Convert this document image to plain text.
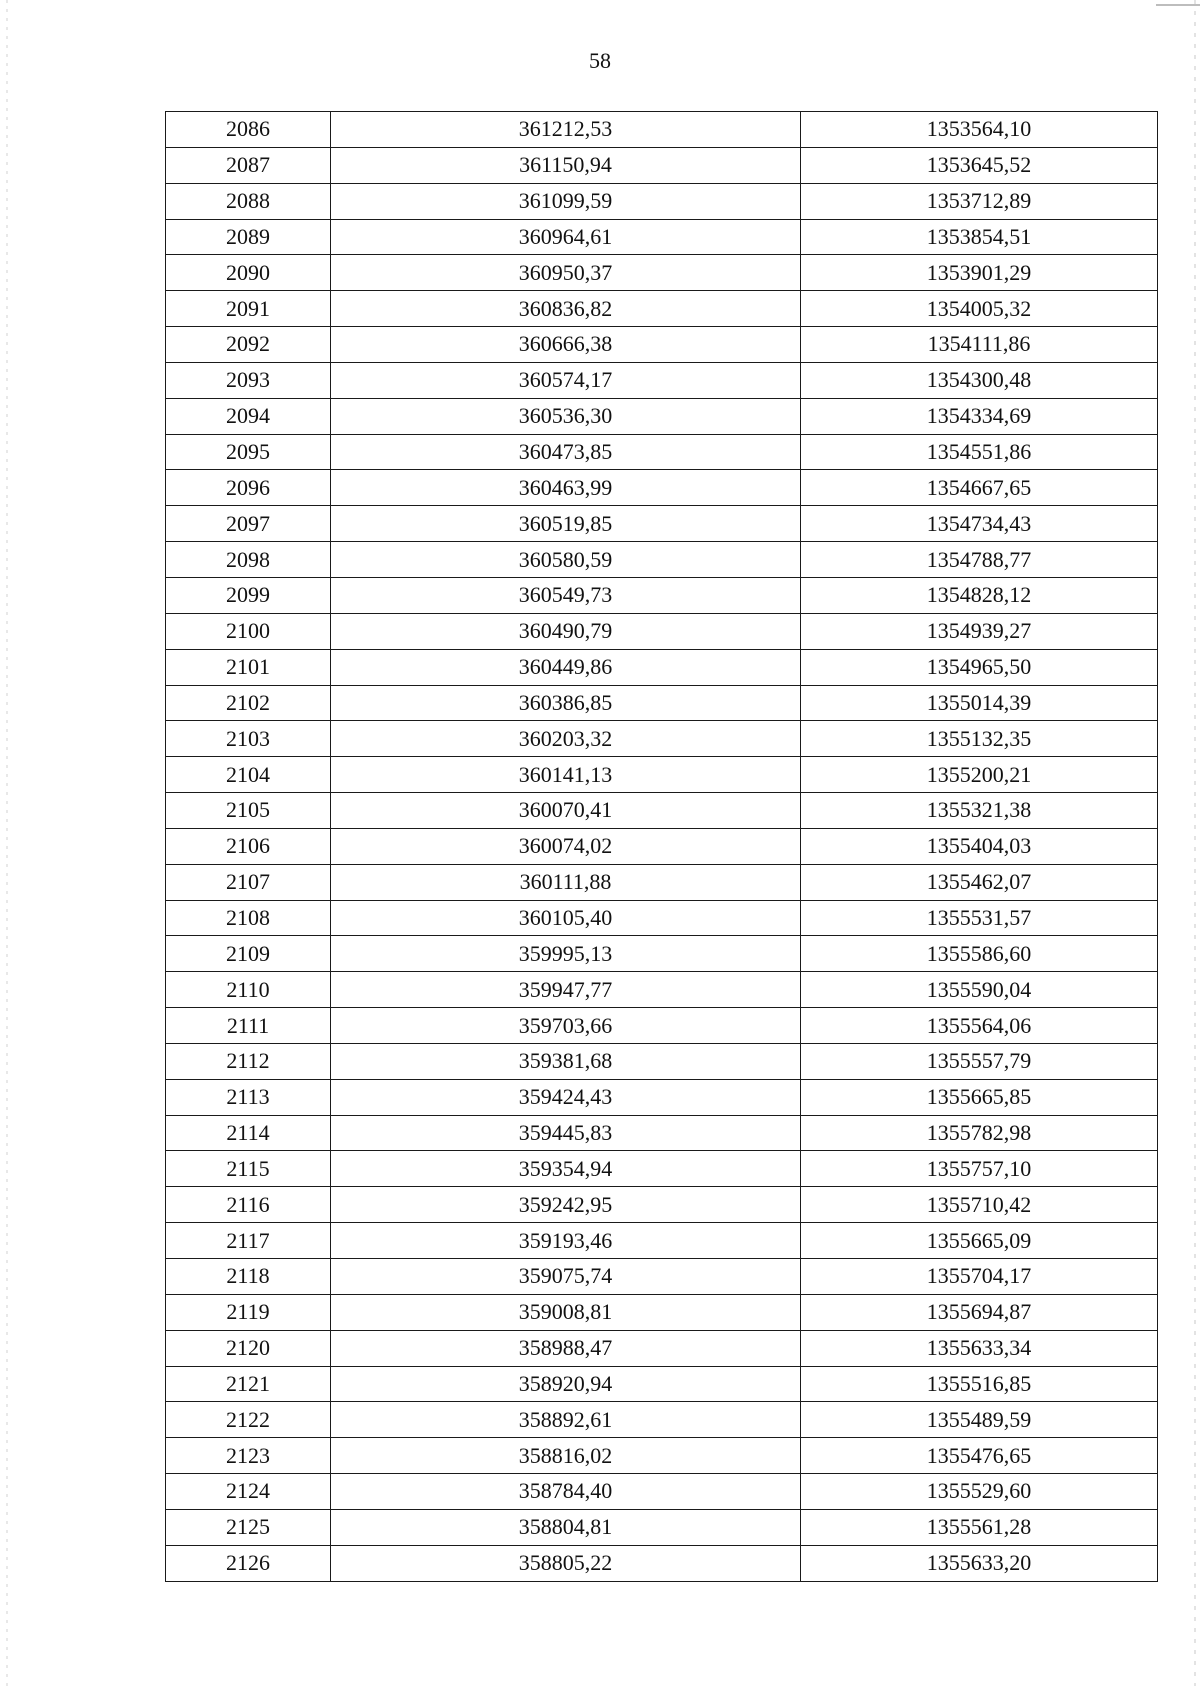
58
2086	361212,53	1353564,10
2087	361150,94	1353645,52
2088	361099,59	1353712,89
2089	360964,61	1353854,51
2090	360950,37	1353901,29
2091	360836,82	1354005,32
2092	360666,38	1354111,86
2093	360574,17	1354300,48
2094	360536,30	1354334,69
2095	360473,85	1354551,86
2096	360463,99	1354667,65
2097	360519,85	1354734,43
2098	360580,59	1354788,77
2099	360549,73	1354828,12
2100	360490,79	1354939,27
2101	360449,86	1354965,50
2102	360386,85	1355014,39
2103	360203,32	1355132,35
2104	360141,13	1355200,21
2105	360070,41	1355321,38
2106	360074,02	1355404,03
2107	360111,88	1355462,07
2108	360105,40	1355531,57
2109	359995,13	1355586,60
2110	359947,77	1355590,04
2111	359703,66	1355564,06
2112	359381,68	1355557,79
2113	359424,43	1355665,85
2114	359445,83	1355782,98
2115	359354,94	1355757,10
2116	359242,95	1355710,42
2117	359193,46	1355665,09
2118	359075,74	1355704,17
2119	359008,81	1355694,87
2120	358988,47	1355633,34
2121	358920,94	1355516,85
2122	358892,61	1355489,59
2123	358816,02	1355476,65
2124	358784,40	1355529,60
2125	358804,81	1355561,28
2126	358805,22	1355633,20
